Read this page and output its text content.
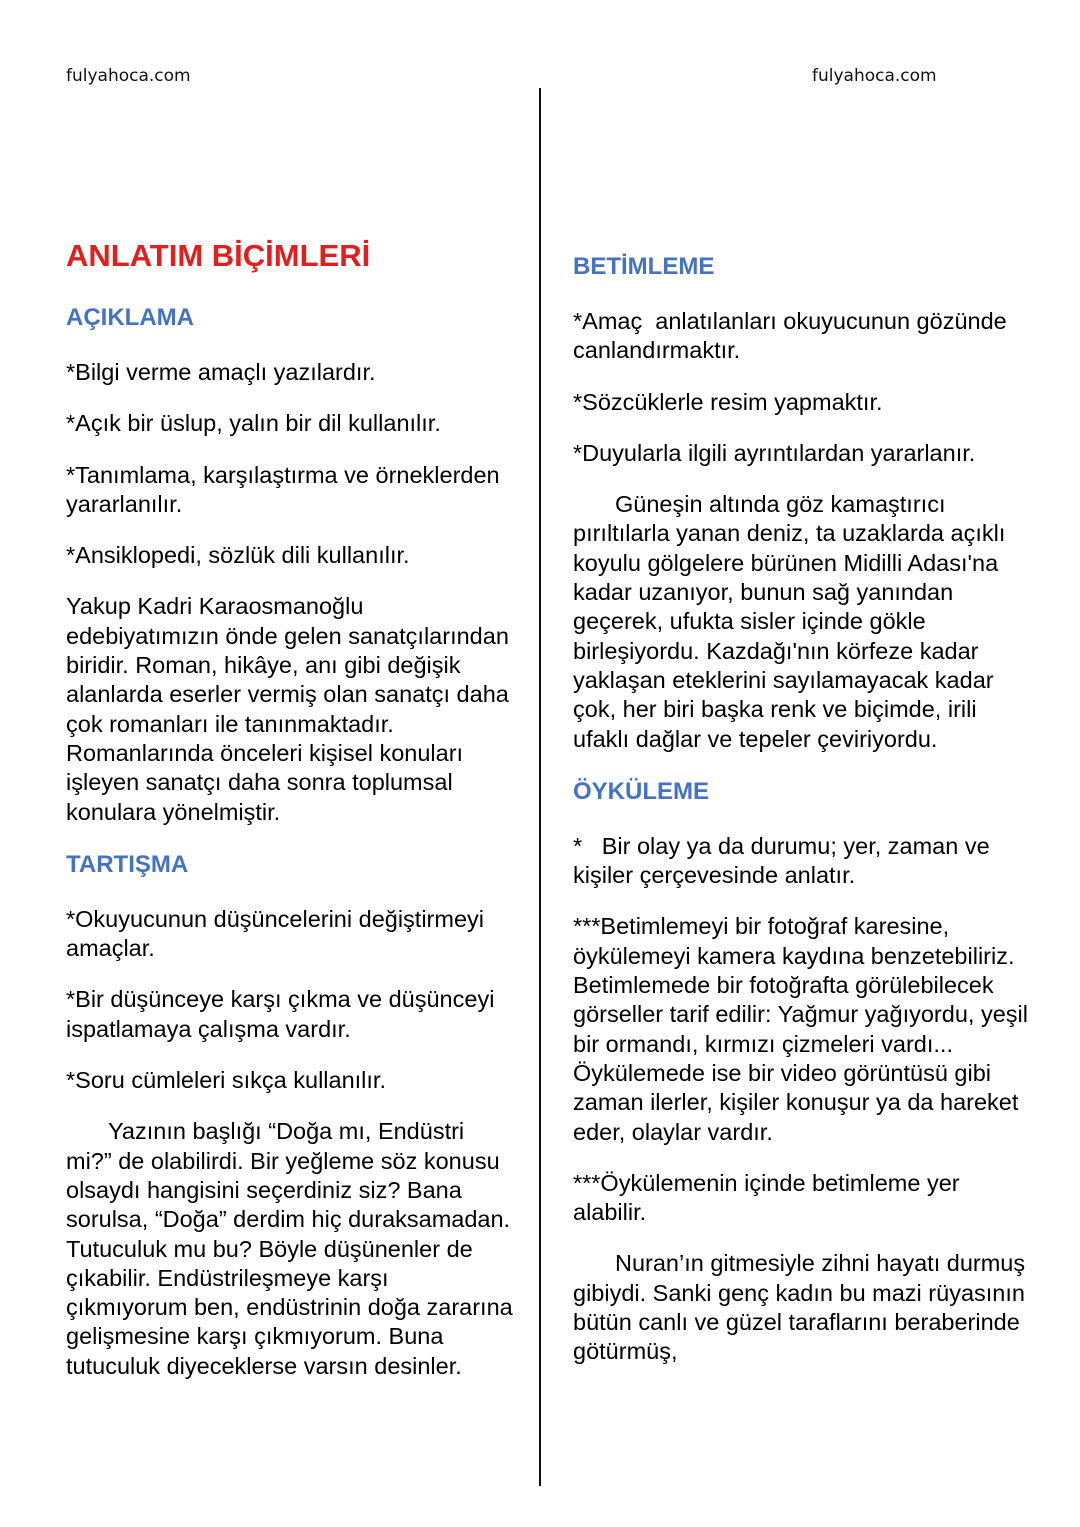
fulyahoca.com	fulyahoca.com
ANLATIM BİÇİMLERİ
AÇIKLAMA

*Bilgi verme amaçlı yazılardır.

*Açık bir üslup, yalın bir dil kullanılır.

*Tanımlama, karşılaştırma ve örneklerden yararlanılır.

*Ansiklopedi, sözlük dili kullanılır.

Yakup Kadri Karaosmanoğlu edebiyatımızın önde gelen sanatçılarından biridir. Roman, hikâye, anı gibi değişik alanlarda eserler vermiş olan sanatçı daha çok romanları ile tanınmaktadır. Romanlarında önceleri kişisel konuları işleyen sanatçı daha sonra toplumsal konulara yönelmiştir.

TARTIŞMA

*Okuyucunun düşüncelerini değiştirmeyi amaçlar.

*Bir düşünceye karşı çıkma ve düşünceyi ispatlamaya çalışma vardır.

*Soru cümleleri sıkça kullanılır.

Yazının başlığı “Doğa mı, Endüstri mi?” de olabilirdi. Bir yeğleme söz konusu olsaydı hangisini seçerdiniz siz? Bana sorulsa, “Doğa” derdim hiç duraksamadan. Tutuculuk mu bu? Böyle düşünenler de çıkabilir. Endüstrileşmeye karşı çıkmıyorum ben, endüstrinin doğa zararına gelişmesine karşı çıkmıyorum. Buna tutuculuk diyeceklerse varsın desinler.

BETİMLEME

*Amaç  anlatılanları okuyucunun gözünde canlandırmaktır.

*Sözcüklerle resim yapmaktır.

*Duyularla ilgili ayrıntılardan yararlanır.

Güneşin altında göz kamaştırıcı pırıltılarla yanan deniz, ta uzaklarda açıklı koyulu gölgelere bürünen Midilli Adası'na kadar uzanıyor, bunun sağ yanından geçerek, ufukta sisler içinde gökle birleşiyordu. Kazdağı'nın körfeze kadar yaklaşan eteklerini sayılamayacak kadar çok, her biri başka renk ve biçimde, irili ufaklı dağlar ve tepeler çeviriyordu.

ÖYKÜLEME

*   Bir olay ya da durumu; yer, zaman ve kişiler çerçevesinde anlatır.

***Betimlemeyi bir fotoğraf karesine, öykülemeyi kamera kaydına benzetebiliriz. Betimlemede bir fotoğrafta görülebilecek görseller tarif edilir: Yağmur yağıyordu, yeşil bir ormandı, kırmızı çizmeleri vardı... Öykülemede ise bir video görüntüsü gibi zaman ilerler, kişiler konuşur ya da hareket eder, olaylar vardır.

***Öykülemenin içinde betimleme yer alabilir.

Nuran’ın gitmesiyle zihni hayatı durmuş gibiydi. Sanki genç kadın bu mazi rüyasının bütün canlı ve güzel taraflarını beraberinde götürmüş,
